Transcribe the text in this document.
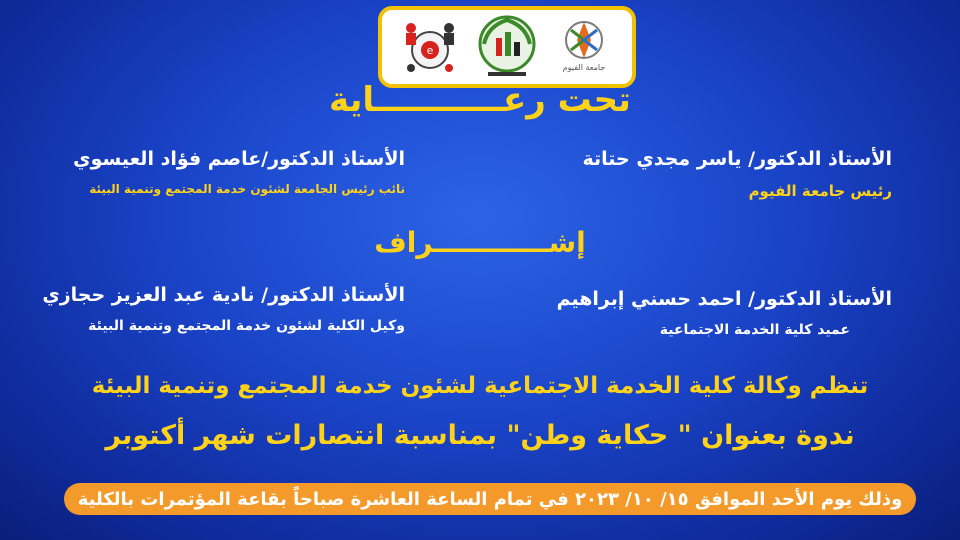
e
جامعة الفيوم
تحت رعـــــــــــاية
الأستاذ الدكتور/ ياسر مجدي حتاتة
رئيس جامعة الفيوم
الأستاذ الدكتور/عاصم فؤاد العيسوي
نائب رئيس الجامعة لشئون خدمة المجتمع وتنمية البيئة
إشــــــــــــراف
الأستاذ الدكتور/ احمد حسني إبراهيم
عميد كلية الخدمة الاجتماعية
الأستاذ الدكتور/ نادية عبد العزيز حجازي
وكيل الكلية لشئون خدمة المجتمع وتنمية البيئة
تنظم وكالة كلية الخدمة الاجتماعية لشئون خدمة المجتمع وتنمية البيئة
ندوة بعنوان " حكاية وطن" بمناسبة انتصارات شهر أكتوبر
وذلك يوم الأحد الموافق ١٥/ ١٠/ ٢٠٢٣ في تمام الساعة العاشرة صباحاً بقاعة المؤتمرات بالكلية
